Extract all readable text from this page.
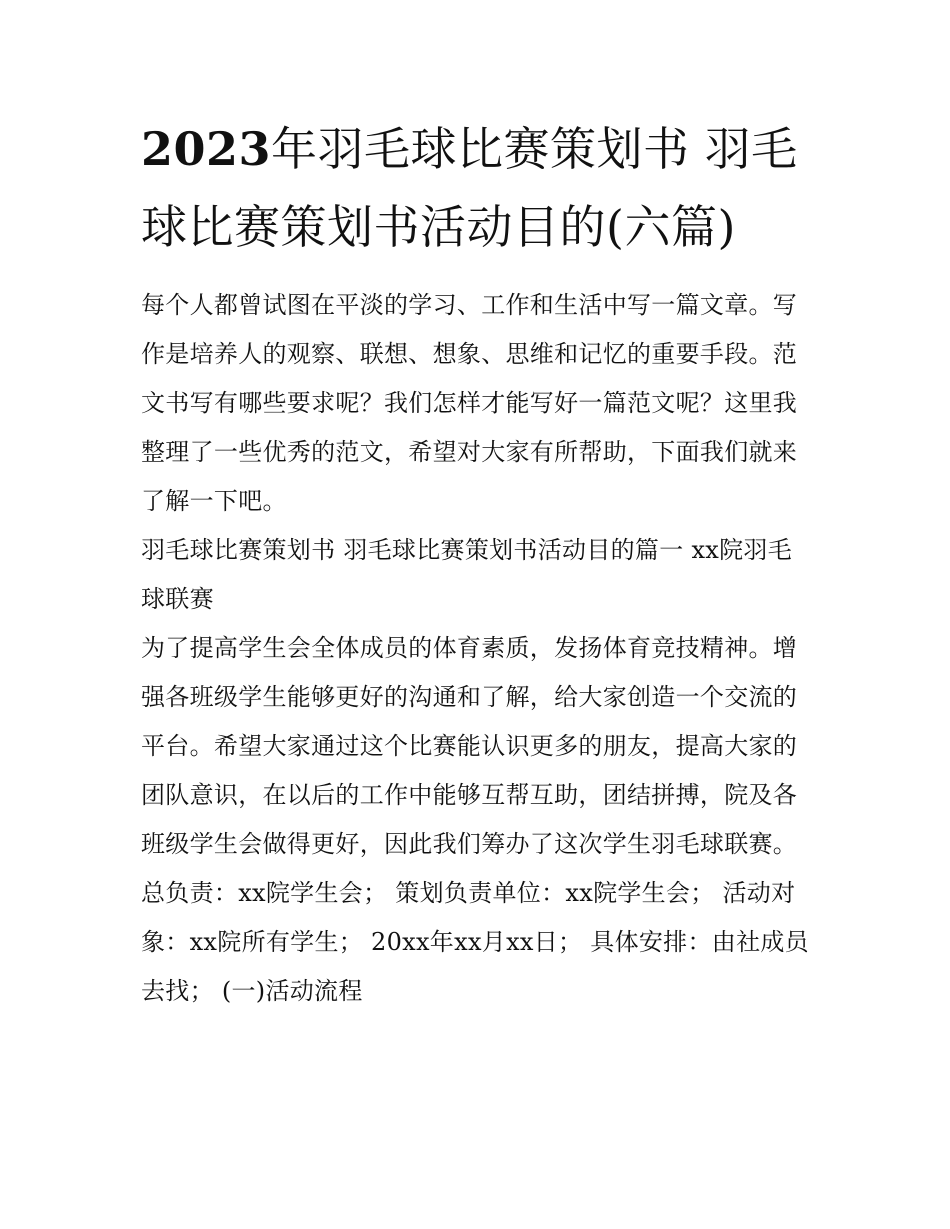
2023年羽毛球比赛策划书 羽毛球比赛策划书活动目的(六篇)

每个人都曾试图在平淡的学习、工作和生活中写一篇文章。写作是培养人的观察、联想、想象、思维和记忆的重要手段。范文书写有哪些要求呢？我们怎样才能写好一篇范文呢？这里我整理了一些优秀的范文，希望对大家有所帮助，下面我们就来了解一下吧。

羽毛球比赛策划书 羽毛球比赛策划书活动目的篇一 xx院羽毛球联赛

为了提高学生会全体成员的体育素质，发扬体育竞技精神。增强各班级学生能够更好的沟通和了解，给大家创造一个交流的平台。希望大家通过这个比赛能认识更多的朋友，提高大家的团队意识，在以后的工作中能够互帮互助，团结拼搏，院及各班级学生会做得更好，因此我们筹办了这次学生羽毛球联赛。

总负责：xx院学生会； 策划负责单位：xx院学生会； 活动对象：xx院所有学生； 20xx年xx月xx日； 具体安排：由社成员去找； (一)活动流程
